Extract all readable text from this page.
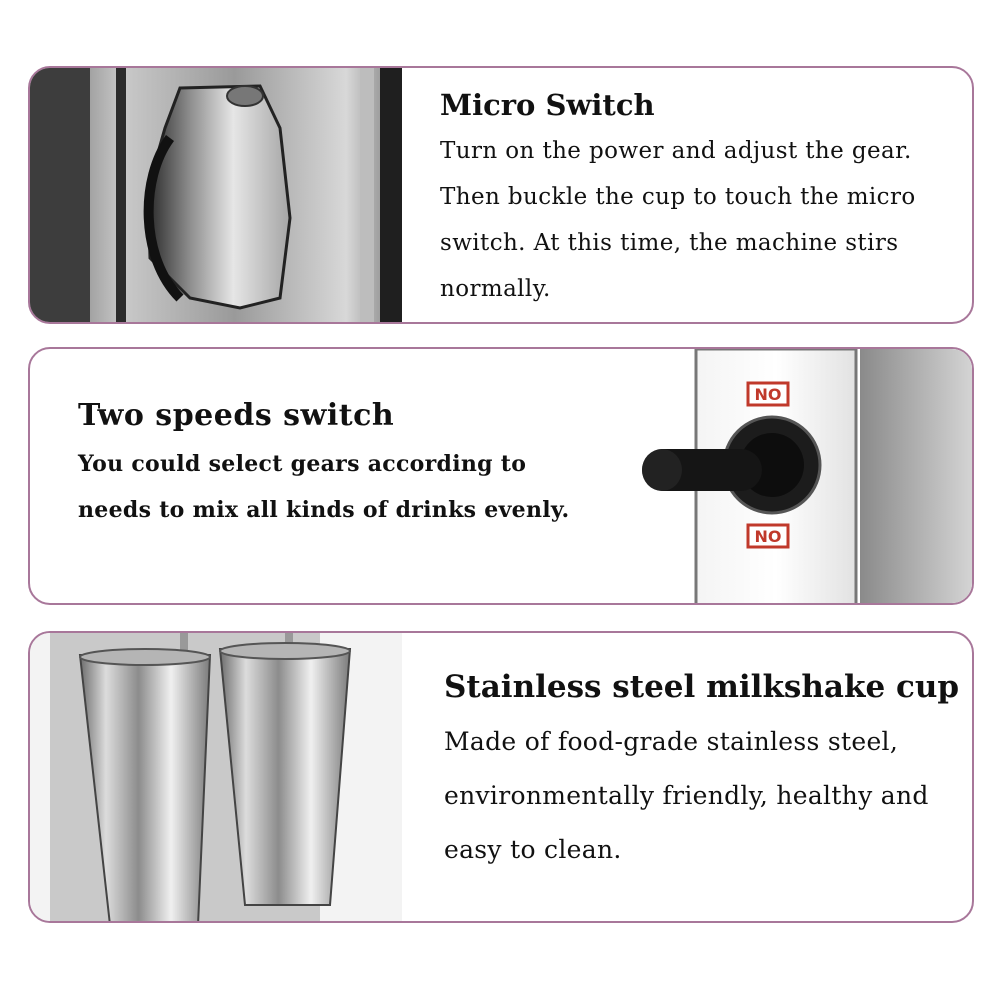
Micro Switch

Turn on the power and adjust the gear. Then buckle the cup to touch the micro switch. At this time, the machine stirs normally.

Two speeds switch

You could select gears according to needs to mix all kinds of drinks evenly.

NO
NO
Stainless steel milkshake cup

Made of food-grade stainless steel, environmentally friendly, healthy and easy to clean.
